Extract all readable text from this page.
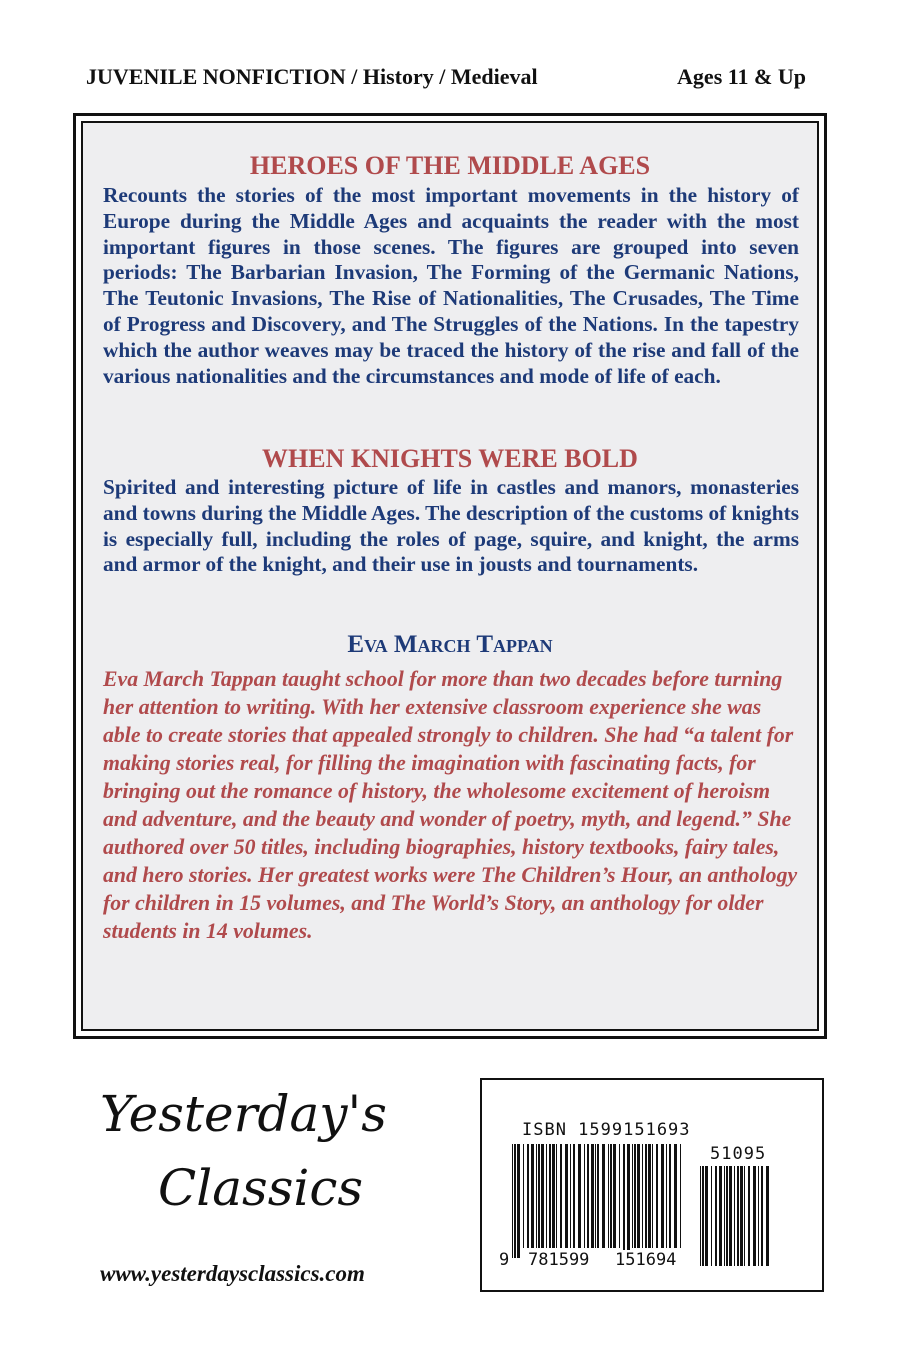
JUVENILE NONFICTION / History / Medieval	Ages 11 & Up
HEROES OF THE MIDDLE AGES

Recounts the stories of the most important movements in the history of Europe during the Middle Ages and acquaints the reader with the most important figures in those scenes. The figures are grouped into seven periods: The Barbarian Invasion, The Forming of the Germanic Nations, The Teutonic Invasions, The Rise of Nationalities, The Crusades, The Time of Progress and Discovery, and The Struggles of the Nations. In the tapestry which the author weaves may be traced the history of the rise and fall of the various nationalities and the circumstances and mode of life of each.

WHEN KNIGHTS WERE BOLD

Spirited and interesting picture of life in castles and manors, monasteries and towns during the Middle Ages. The description of the customs of knights is especially full, including the roles of page, squire, and knight, the arms and armor of the knight, and their use in jousts and tournaments.

Eva March Tappan

Eva March Tappan taught school for more than two decades before turning her attention to writing. With her extensive classroom experience she was able to create stories that appealed strongly to children. She had “a talent for making stories real, for filling the imagination with fascinating facts, for bringing out the romance of history, the wholesome excitement of heroism and adventure, and the beauty and wonder of poetry, myth, and legend.” She authored over 50 titles, including biographies, history textbooks, fairy tales, and hero stories. Her greatest works were The Children’s Hour, an anthology for children in 15 volumes, and The World’s Story, an anthology for older students in 14 volumes.

Yesterday's
Classics
www.yesterdaysclassics.com
ISBN 1599151693
51095
9 781599 151694
